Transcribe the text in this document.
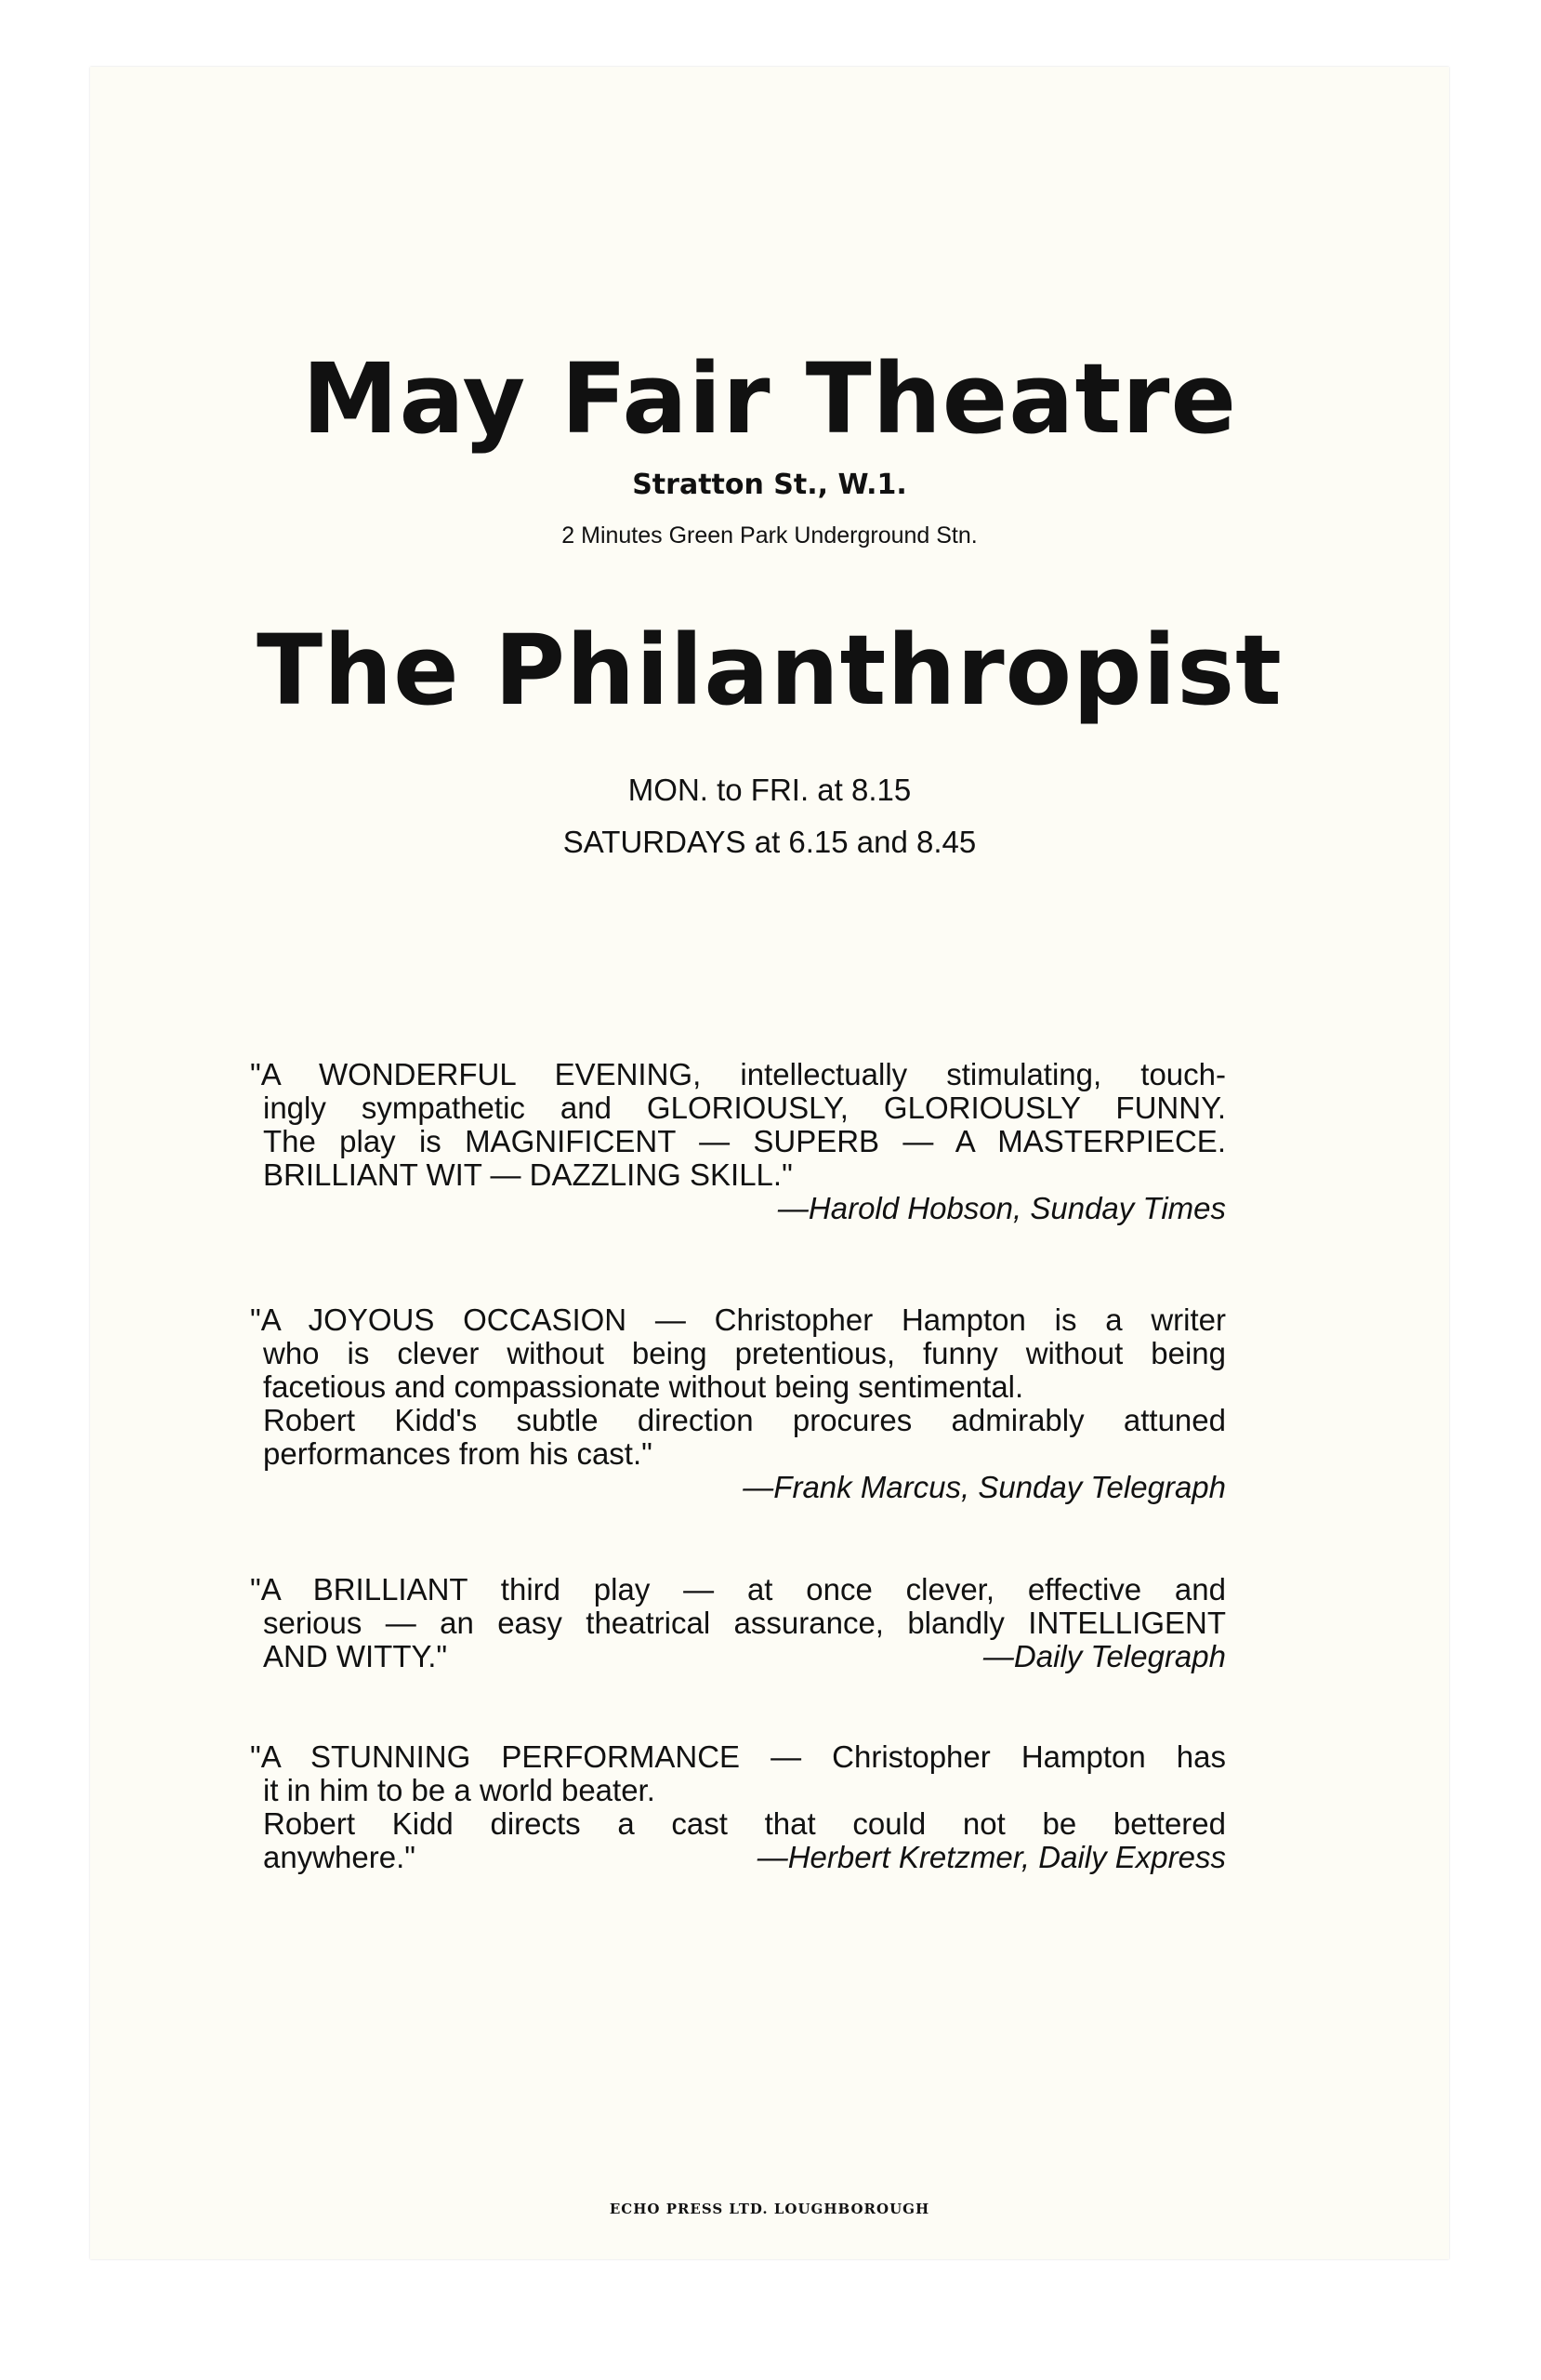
May Fair Theatre
Stratton St., W.1.
2 Minutes Green Park Underground Stn.
The Philanthropist
MON. to FRI. at 8.15
SATURDAYS at 6.15 and 8.45
"A WONDERFUL EVENING, intellectually stimulating, touch-
ingly sympathetic and GLORIOUSLY, GLORIOUSLY FUNNY.
The play is MAGNIFICENT — SUPERB — A MASTERPIECE.
BRILLIANT WIT — DAZZLING SKILL."
—Harold Hobson, Sunday Times
"A JOYOUS OCCASION — Christopher Hampton is a writer
who is clever without being pretentious, funny without being
facetious and compassionate without being sentimental.
Robert Kidd's subtle direction procures admirably attuned
performances from his cast."
—Frank Marcus, Sunday Telegraph
"A BRILLIANT third play — at once clever, effective and
serious — an easy theatrical assurance, blandly INTELLIGENT
AND WITTY."	—Daily Telegraph
"A STUNNING PERFORMANCE — Christopher Hampton has
it in him to be a world beater.
Robert Kidd directs a cast that could not be bettered
anywhere."	—Herbert Kretzmer, Daily Express
ECHO PRESS LTD. LOUGHBOROUGH
